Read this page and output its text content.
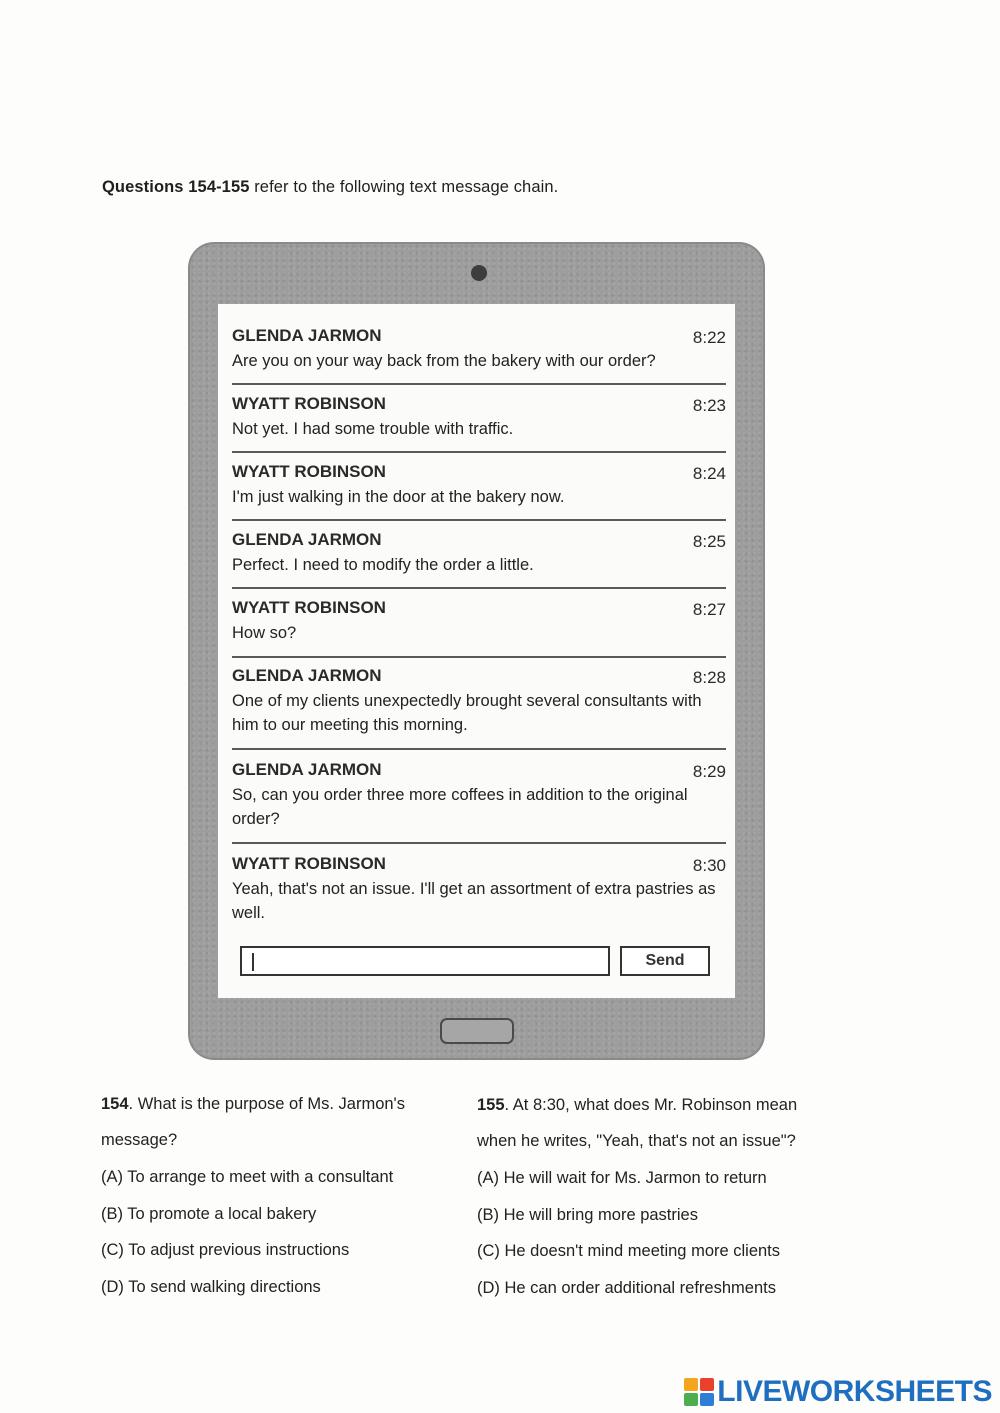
Questions 154-155 refer to the following text message chain.
GLENDA JARMON	8:22
Are you on your way back from the bakery with our order?
WYATT ROBINSON	8:23
Not yet. I had some trouble with traffic.
WYATT ROBINSON	8:24
I'm just walking in the door at the bakery now.
GLENDA JARMON	8:25
Perfect. I need to modify the order a little.
WYATT ROBINSON	8:27
How so?
GLENDA JARMON	8:28
One of my clients unexpectedly brought several consultants with him to our meeting this morning.
GLENDA JARMON	8:29
So, can you order three more coffees in addition to the original order?
WYATT ROBINSON	8:30
Yeah, that's not an issue. I'll get an assortment of extra pastries as well.
Send
154. What is the purpose of Ms. Jarmon's
message?
(A) To arrange to meet with a consultant
(B) To promote a local bakery
(C) To adjust previous instructions
(D) To send walking directions
155. At 8:30, what does Mr. Robinson mean
when he writes, "Yeah, that's not an issue"?
(A) He will wait for Ms. Jarmon to return
(B) He will bring more pastries
(C) He doesn't mind meeting more clients
(D) He can order additional refreshments
LIVEWORKSHEETS
